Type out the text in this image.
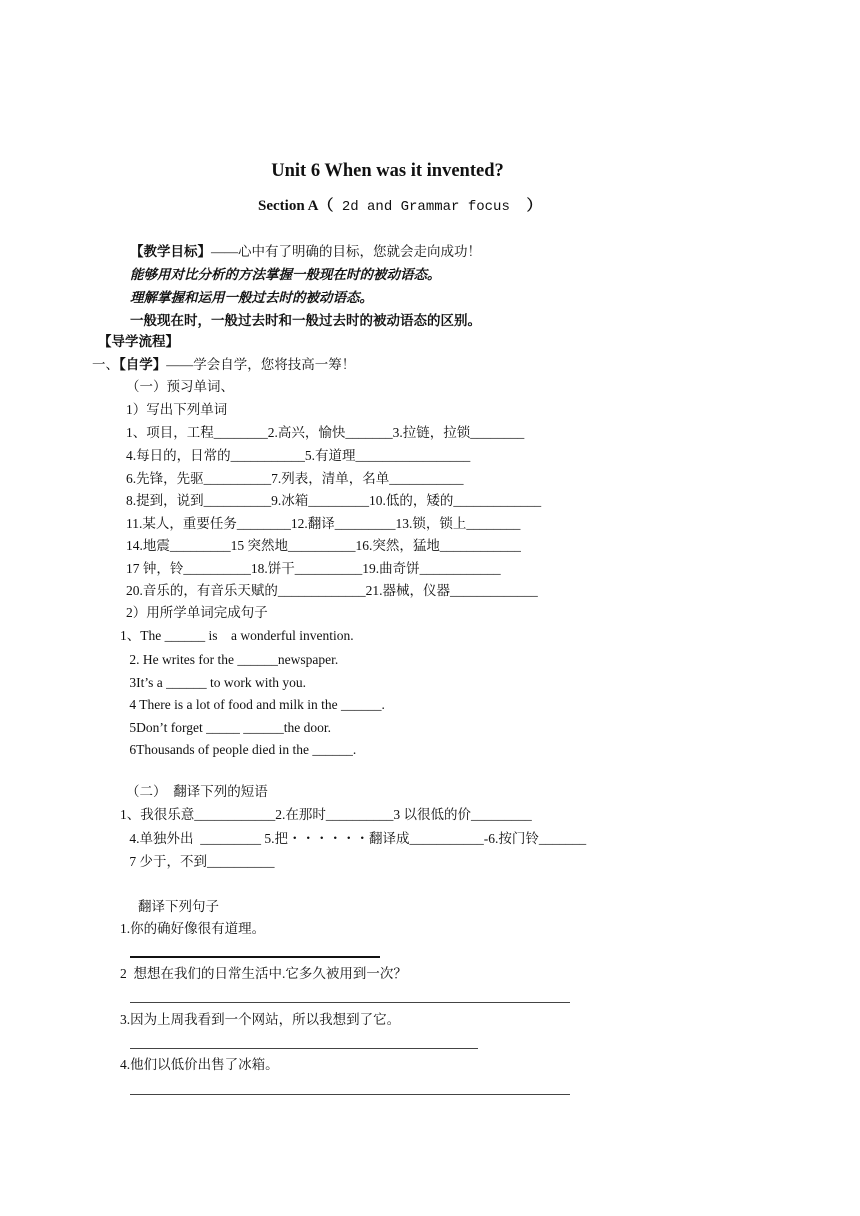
Unit 6 When was it invented?
Section A（ 2d and Grammar focus  ）
【教学目标】——心中有了明确的目标，您就会走向成功！
能够用对比分析的方法掌握一般现在时的被动语态。
理解掌握和运用一般过去时的被动语态。
一般现在时，一般过去时和一般过去时的被动语态的区别。
【导学流程】
一、【自学】——学会自学，您将技高一筹！
（一）预习单词、
1）写出下列单词
1、项目，工程________2.高兴，愉快_______3.拉链，拉锁________
4.每日的，日常的___________5.有道理_________________
6.先锋，先驱__________7.列表，清单，名单___________
8.提到，说到__________9.冰箱_________10.低的，矮的_____________
11.某人，重要任务________12.翻译_________13.锁，锁上________
14.地震_________15 突然地__________16.突然，猛地____________
17 钟，铃__________18.饼干__________19.曲奇饼____________
20.音乐的，有音乐天赋的_____________21.器械，仪器_____________
2）用所学单词完成句子
1、The ______ is    a wonderful invention.
2. He writes for the ______newspaper.
3It’s a ______ to work with you.
4 There is a lot of food and milk in the ______.
5Don’t forget _____ ______the door.
6Thousands of people died in the ______.
（二）  翻译下列的短语
1、我很乐意____________2.在那时__________3 以很低的价_________
4.单独外出  _________ 5.把・・・・・・翻译成___________-6.按门铃_______
7 少于，不到__________
翻译下列句子
1.你的确好像很有道理。
2  想想在我们的日常生活中.它多久被用到一次？
3.因为上周我看到一个网站，所以我想到了它。
4.他们以低价出售了冰箱。
